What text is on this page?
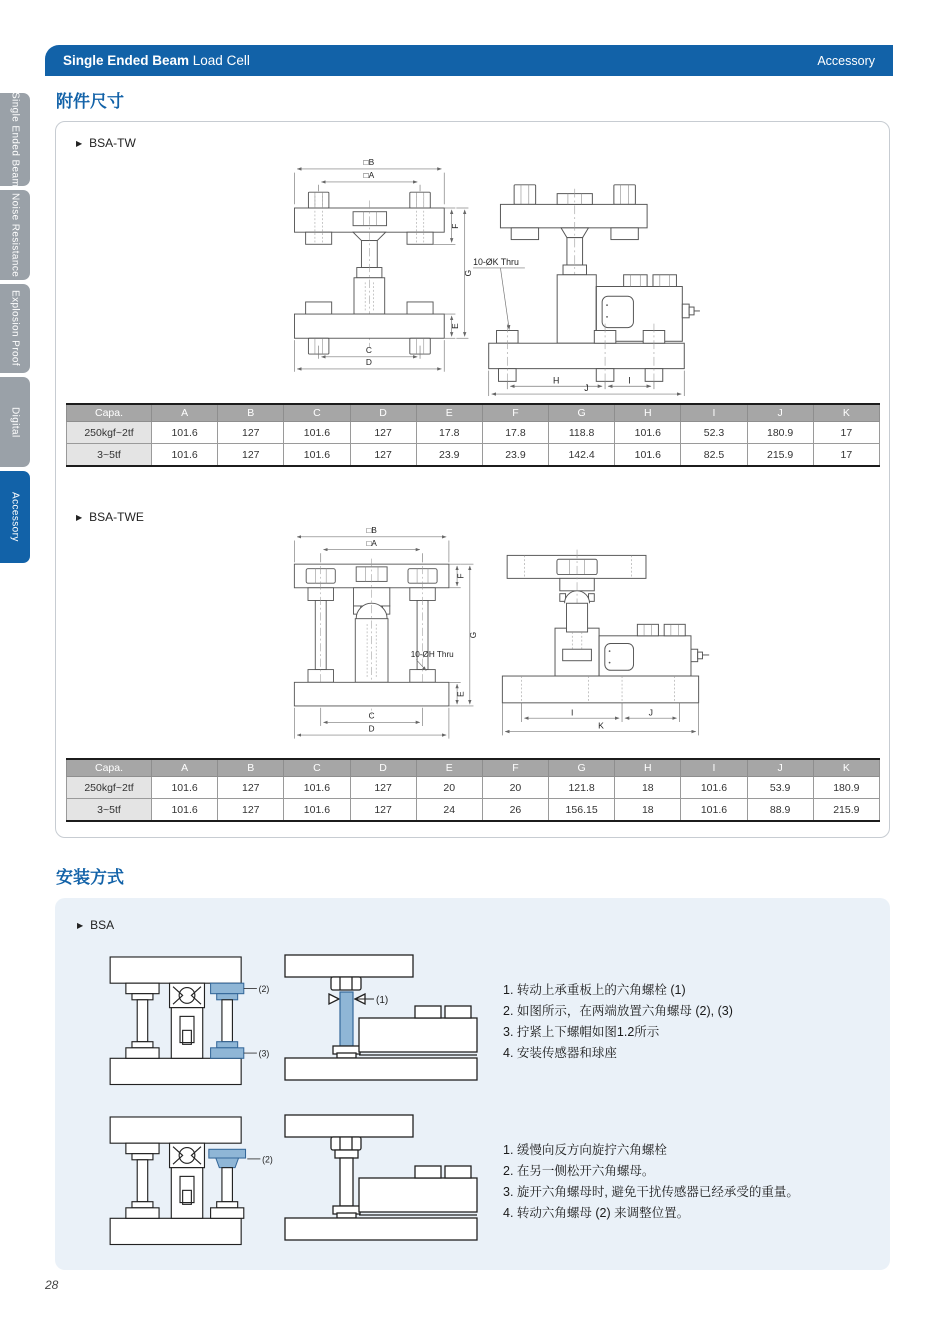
Single Ended Beam
Noise Resistance
Explosion Proof
Digital
Accessory
Single Ended Beam Load Cell	Accessory
附件尺寸
▶ BSA-TW
□B
□A
C
D
F
E
G
10-ØK Thru
H	I
J
Capa.	A	B	C	D	E	F	G	H	I	J	K
250kgf~2tf	101.6	127	101.6	127	17.8	17.8	118.8	101.6	52.3	180.9	17
3~5tf	101.6	127	101.6	127	23.9	23.9	142.4	101.6	82.5	215.9	17
▶ BSA-TWE
□B
□A
C
D
F
E
G
10-ØH Thru
I	J
K
Capa.	A	B	C	D	E	F	G	H	I	J	K
250kgf~2tf	101.6	127	101.6	127	20	20	121.8	18	101.6	53.9	180.9
3~5tf	101.6	127	101.6	127	24	26	156.15	18	101.6	88.9	215.9
安装方式
▶ BSA
(2)
(3)
(1)
1. 转动上承重板上的六角螺栓 (1)
2. 如图所示，在两端放置六角螺母 (2), (3)
3. 拧紧上下螺帽如图1.2所示
4. 安装传感器和球座
(2)
1. 缓慢向反方向旋拧六角螺栓
2. 在另一侧松开六角螺母。
3. 旋开六角螺母时, 避免干扰传感器已经承受的重量。
4. 转动六角螺母 (2) 来调整位置。
28
